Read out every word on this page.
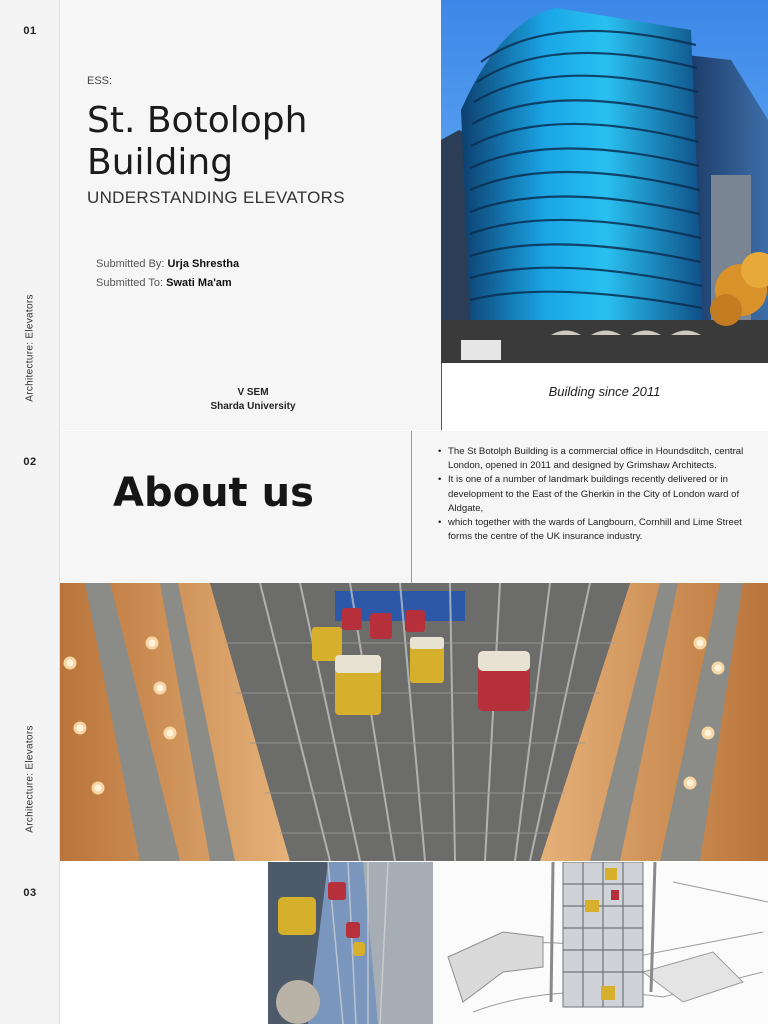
01
02
03
Architecture: Elevators
Architecture: Elevators
ESS:
St. Botoloph Building
UNDERSTANDING ELEVATORS
Submitted By: Urja Shrestha
Submitted To: Swati Ma'am
V SEM
Sharda University
Building since 2011
About us
• The St Botolph Building is a commercial office in Houndsditch, central London, opened in 2011 and designed by Grimshaw Architects.
• It is one of a number of landmark buildings recently delivered or in development to the East of the Gherkin in the City of London ward of Aldgate,
• which together with the wards of Langbourn, Cornhill and Lime Street forms the centre of the UK insurance industry.
